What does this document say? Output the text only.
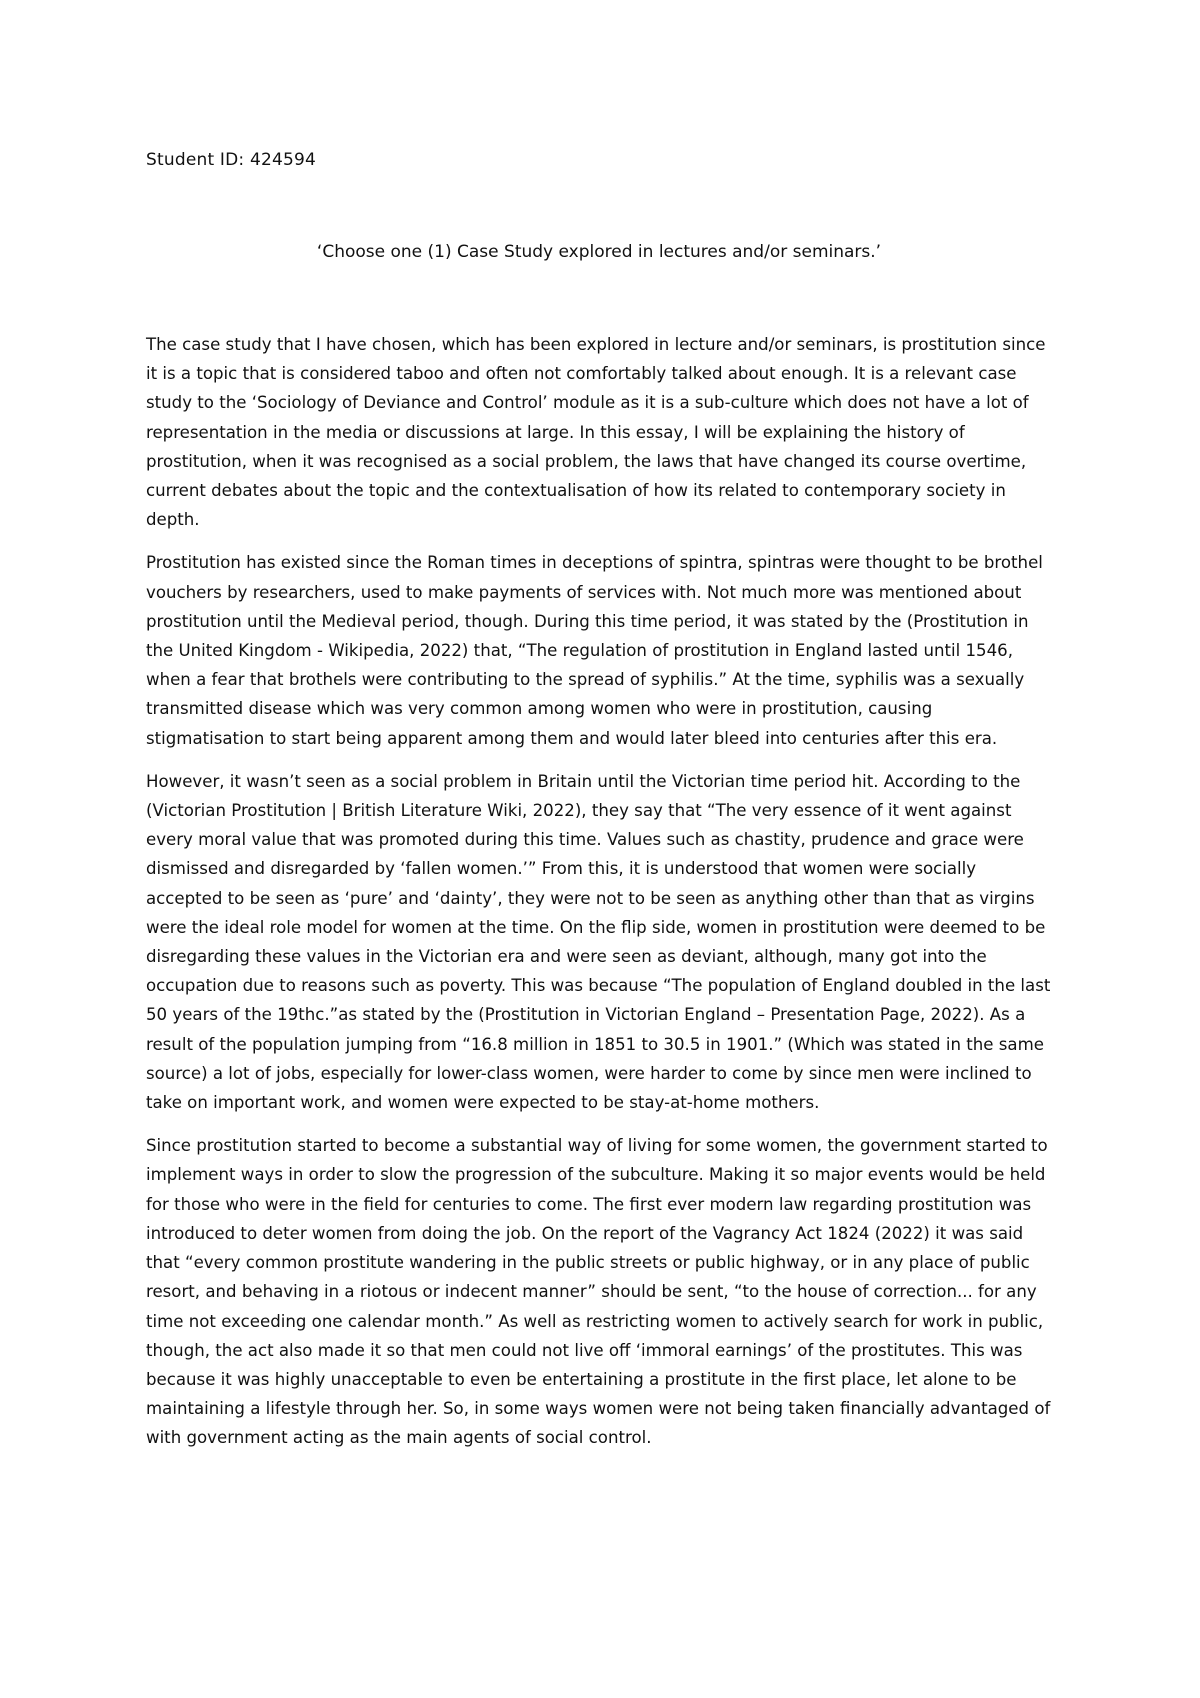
Student ID: 424594

‘Choose one (1) Case Study explored in lectures and/or seminars.’

The case study that I have chosen, which has been explored in lecture and/or seminars, is prostitution since it is a topic that is considered taboo and often not comfortably talked about enough. It is a relevant case study to the ‘Sociology of Deviance and Control’ module as it is a sub-culture which does not have a lot of representation in the media or discussions at large. In this essay, I will be explaining the history of prostitution, when it was recognised as a social problem, the laws that have changed its course overtime, current debates about the topic and the contextualisation of how its related to contemporary society in depth.

Prostitution has existed since the Roman times in deceptions of spintra, spintras were thought to be brothel vouchers by researchers, used to make payments of services with. Not much more was mentioned about prostitution until the Medieval period, though. During this time period, it was stated by the (Prostitution in the United Kingdom - Wikipedia, 2022) that, “The regulation of prostitution in England lasted until 1546, when a fear that brothels were contributing to the spread of syphilis.” At the time, syphilis was a sexually transmitted disease which was very common among women who were in prostitution, causing stigmatisation to start being apparent among them and would later bleed into centuries after this era.

However, it wasn’t seen as a social problem in Britain until the Victorian time period hit. According to the (Victorian Prostitution | British Literature Wiki, 2022), they say that “The very essence of it went against every moral value that was promoted during this time. Values such as chastity, prudence and grace were dismissed and disregarded by ‘fallen women.’” From this, it is understood that women were socially accepted to be seen as ‘pure’ and ‘dainty’, they were not to be seen as anything other than that as virgins were the ideal role model for women at the time. On the flip side, women in prostitution were deemed to be disregarding these values in the Victorian era and were seen as deviant, although, many got into the occupation due to reasons such as poverty. This was because “The population of England doubled in the last 50 years of the 19thc.”as stated by the (Prostitution in Victorian England – Presentation Page, 2022). As a result of the population jumping from “16.8 million in 1851 to 30.5 in 1901.” (Which was stated in the same source) a lot of jobs, especially for lower-class women, were harder to come by since men were inclined to take on important work, and women were expected to be stay-at-home mothers.

Since prostitution started to become a substantial way of living for some women, the government started to implement ways in order to slow the progression of the subculture. Making it so major events would be held for those who were in the field for centuries to come. The first ever modern law regarding prostitution was introduced to deter women from doing the job. On the report of the Vagrancy Act 1824 (2022) it was said that “every common prostitute wandering in the public streets or public highway, or in any place of public resort, and behaving in a riotous or indecent manner” should be sent, “to the house of correction... for any time not exceeding one calendar month.” As well as restricting women to actively search for work in public, though, the act also made it so that men could not live off ‘immoral earnings’ of the prostitutes. This was because it was highly unacceptable to even be entertaining a prostitute in the first place, let alone to be maintaining a lifestyle through her. So, in some ways women were not being taken financially advantaged of with government acting as the main agents of social control.
